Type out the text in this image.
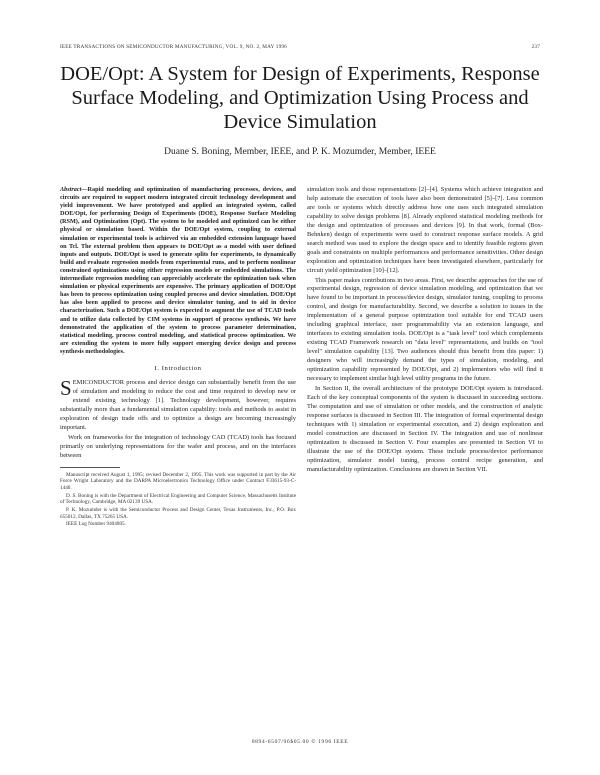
IEEE TRANSACTIONS ON SEMICONDUCTOR MANUFACTURING, VOL. 9, NO. 2, MAY 1996	237
DOE/Opt: A System for Design of Experiments, Response Surface Modeling, and Optimization Using Process and Device Simulation
Duane S. Boning, Member, IEEE, and P. K. Mozumder, Member, IEEE

Abstract—Rapid modeling and optimization of manufacturing processes, devices, and circuits are required to support modern integrated circuit technology development and yield improvement. We have prototyped and applied an integrated system, called DOE/Opt, for performing Design of Experiments (DOE), Response Surface Modeling (RSM), and Optimization (Opt). The system to be modeled and optimized can be either physical or simulation based. Within the DOE/Opt system, coupling to external simulation or experimental tools is achieved via an embedded extension language based on Tcl. The external problem then appears to DOE/Opt as a model with user defined inputs and outputs. DOE/Opt is used to generate splits for experiments, to dynamically build and evaluate regression models from experimental runs, and to perform nonlinear constrained optimizations using either regression models or embedded simulations. The intermediate regression modeling can appreciably accelerate the optimization task when simulation or physical experiments are expensive. The primary application of DOE/Opt has been to process optimization using coupled process and device simulation. DOE/Opt has also been applied to process and device simulator tuning, and to aid in device characterization. Such a DOE/Opt system is expected to augment the use of TCAD tools and to utilize data collected by CIM systems in support of process synthesis. We have demonstrated the application of the system to process parameter determination, statistical modeling, process control modeling, and statistical process optimization. We are extending the system to more fully support emerging device design and process synthesis methodologies.

I. Introduction

SEMICONDUCTOR process and device design can substantially benefit from the use of simulation and modeling to reduce the cost and time required to develop new or extend existing technology [1]. Technology development, however, requires substantially more than a fundamental simulation capability: tools and methods to assist in exploration of design trade offs and to optimize a design are becoming increasingly important.

Work on frameworks for the integration of technology CAD (TCAD) tools has focused primarily on underlying representations for the wafer and process, and on the interfaces between

Manuscript received August 1, 1995; revised December 2, 1995. This work was supported in part by the Air Force Wright Laboratory and the DARPA Microelectronics Technology Office under Contract F33615-93-C-1440.

D. S. Boning is with the Department of Electrical Engineering and Computer Science, Massachusetts Institute of Technology, Cambridge, MA 02139 USA.

P. K. Mozumder is with the Semiconductor Process and Design Center, Texas Instruments, Inc., P.O. Box 655012, Dallas, TX 75265 USA.

IEEE Log Number 9404805.

simulation tools and those representations [2]–[4]. Systems which achieve integration and help automate the execution of tools have also been demonstrated [5]–[7]. Less common are tools or systems which directly address how one uses such integrated simulation capability to solve design problems [8]. Already explored statistical modeling methods for the design and optimization of processes and devices [9]. In that work, formal (Box-Behnken) design of experiments were used to construct response surface models. A grid search method was used to explore the design space and to identify feasible regions given goals and constraints on multiple performances and performance sensitivities. Other design exploration and optimization techniques have been investigated elsewhere, particularly for circuit yield optimization [10]–[12].

This paper makes contributions in two areas. First, we describe approaches for the use of experimental design, regression of device simulation modeling, and optimization that we have found to be important in process/device design, simulator tuning, coupling to process control, and design for manufacturability. Second, we describe a solution to issues in the implementation of a general purpose optimization tool suitable for end TCAD users including graphical interface, user programmability via an extension language, and interfaces to existing simulation tools. DOE/Opt is a "task level" tool which complements existing TCAD Framework research on "data level" representations, and builds on "tool level" simulation capability [13]. Two audiences should thus benefit from this paper: 1) designers who will increasingly demand the types of simulation, modeling, and optimization capability represented by DOE/Opt, and 2) implementors who will find it necessary to implement similar high level utility programs in the future.

In Section II, the overall architecture of the prototype DOE/Opt system is introduced. Each of the key conceptual components of the system is discussed in succeeding sections. The computation and use of simulation or other models, and the construction of analytic response surfaces is discussed in Section III. The integration of formal experimental design techniques with 1) simulation or experimental execution, and 2) design exploration and model construction are discussed in Section IV. The integration and use of nonlinear optimization is discussed in Section V. Four examples are presented in Section VI to illustrate the use of the DOE/Opt system. These include process/device performance optimization, simulator model tuning, process control recipe generation, and manufacturability optimization. Conclusions are drawn in Section VII.

0894-6507/96$05.00 © 1996 IEEE
